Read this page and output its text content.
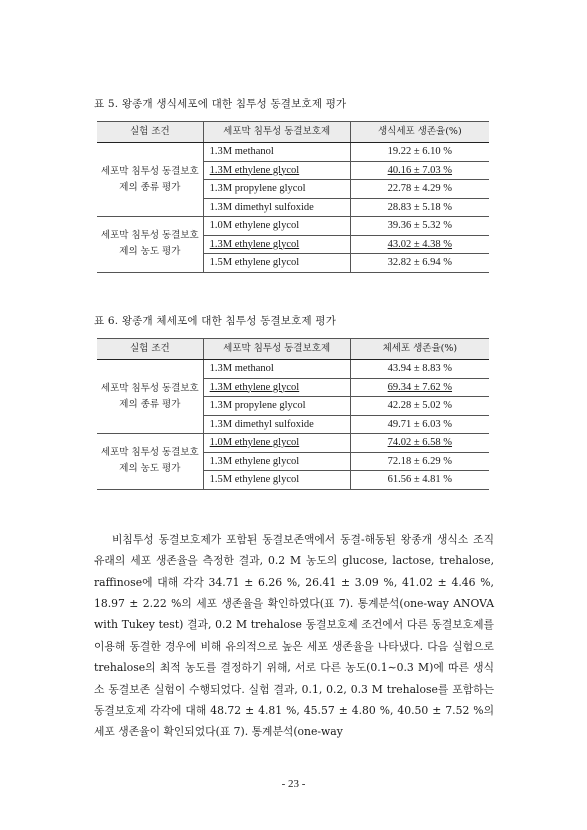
표 5. 왕종개 생식세포에 대한 침투성 동결보호제 평가
실험 조건	세포막 침투성 동결보호제	생식세포 생존율(%)
세포막 침투성 동결보호제의 종류 평가	1.3M methanol	19.22 ± 6.10 %
	1.3M ethylene glycol	40.16 ± 7.03 %
	1.3M propylene glycol	22.78 ± 4.29 %
	1.3M dimethyl sulfoxide	28.83 ± 5.18 %
세포막 침투성 동결보호제의 농도 평가	1.0M ethylene glycol	39.36 ± 5.32 %
	1.3M ethylene glycol	43.02 ± 4.38 %
	1.5M ethylene glycol	32.82 ± 6.94 %
표 6. 왕종개 체세포에 대한 침투성 동결보호제 평가
실험 조건	세포막 침투성 동결보호제	체세포 생존율(%)
세포막 침투성 동결보호제의 종류 평가	1.3M methanol	43.94 ± 8.83 %
	1.3M ethylene glycol	69.34 ± 7.62 %
	1.3M propylene glycol	42.28 ± 5.02 %
	1.3M dimethyl sulfoxide	49.71 ± 6.03 %
세포막 침투성 동결보호제의 농도 평가	1.0M ethylene glycol	74.02 ± 6.58 %
	1.3M ethylene glycol	72.18 ± 6.29 %
	1.5M ethylene glycol	61.56 ± 4.81 %

비침투성 동결보호제가 포함된 동결보존액에서 동결-해동된 왕종개 생식소 조직 유래의 세포 생존율을 측정한 결과, 0.2 M 농도의 glucose, lactose, trehalose, raffinose에 대해 각각 34.71 ± 6.26 %, 26.41 ± 3.09 %, 41.02 ± 4.46 %, 18.97 ± 2.22 %의 세포 생존율을 확인하였다(표 7). 통계분석(one-way ANOVA with Tukey test) 결과, 0.2 M trehalose 동결보호제 조건에서 다른 동결보호제를 이용해 동결한 경우에 비해 유의적으로 높은 세포 생존율을 나타냈다. 다음 실험으로 trehalose의 최적 농도를 결정하기 위해, 서로 다른 농도(0.1∼0.3 M)에 따른 생식소 동결보존 실험이 수행되었다. 실험 결과, 0.1, 0.2, 0.3 M trehalose를 포함하는 동결보호제 각각에 대해 48.72 ± 4.81 %, 45.57 ± 4.80 %, 40.50 ± 7.52 %의 세포 생존율이 확인되었다(표 7). 통계분석(one-way

- 23 -
